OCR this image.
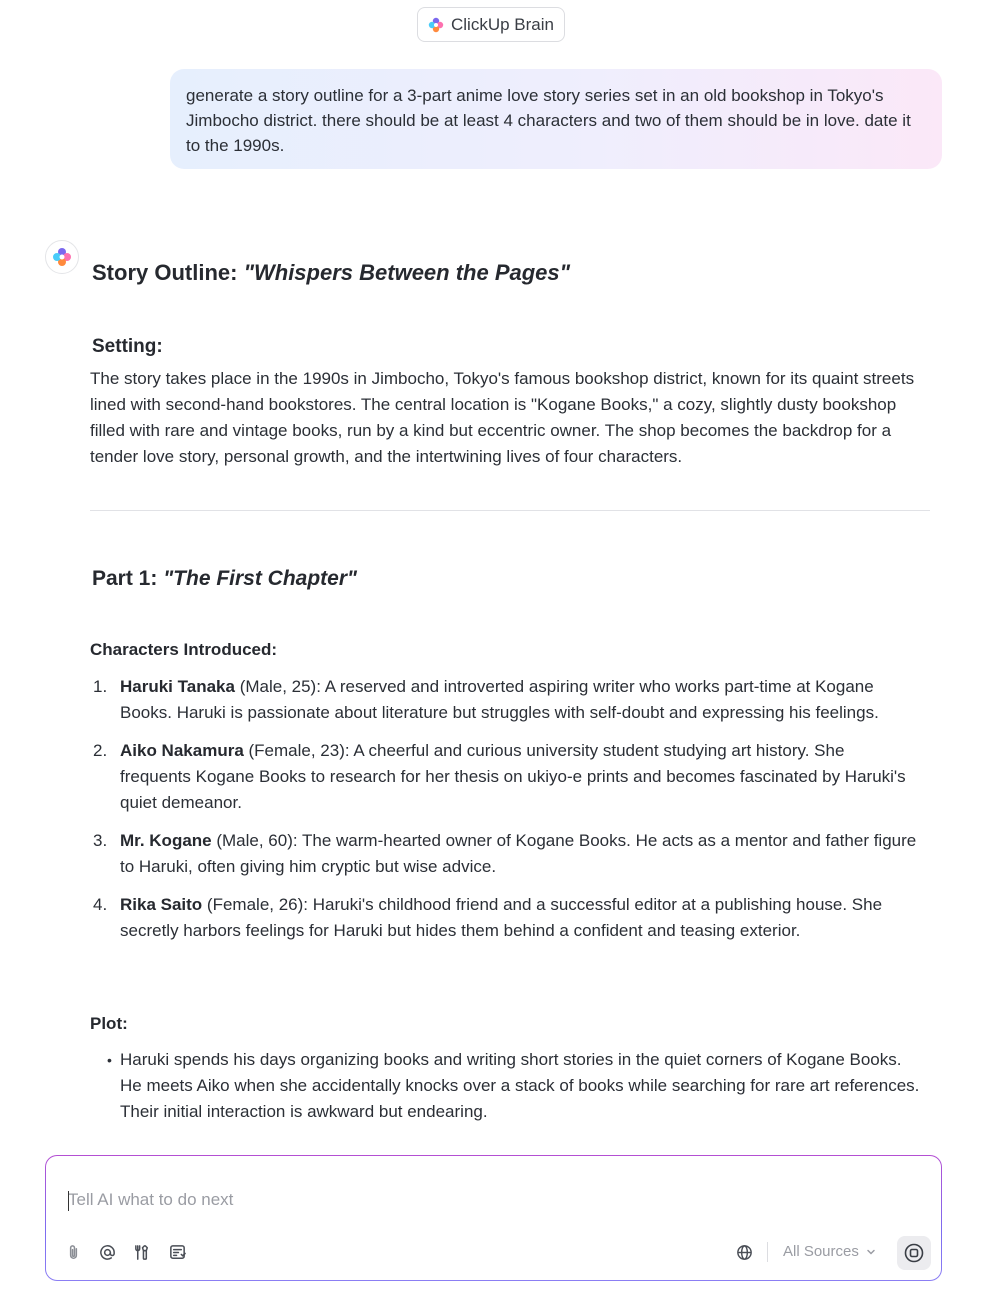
ClickUp Brain
generate a story outline for a 3-part anime love story series set in an old bookshop in Tokyo's Jimbocho district. there should be at least 4 characters and two of them should be in love. date it to the 1990s.
Story Outline: "Whispers Between the Pages"
Setting:
The story takes place in the 1990s in Jimbocho, Tokyo's famous bookshop district, known for its quaint streets lined with second-hand bookstores. The central location is "Kogane Books," a cozy, slightly dusty bookshop filled with rare and vintage books, run by a kind but eccentric owner. The shop becomes the backdrop for a tender love story, personal growth, and the intertwining lives of four characters.
Part 1: "The First Chapter"
Characters Introduced:
1. Haruki Tanaka (Male, 25): A reserved and introverted aspiring writer who works part-time at Kogane Books. Haruki is passionate about literature but struggles with self-doubt and expressing his feelings.
2. Aiko Nakamura (Female, 23): A cheerful and curious university student studying art history. She frequents Kogane Books to research for her thesis on ukiyo-e prints and becomes fascinated by Haruki's quiet demeanor.
3. Mr. Kogane (Male, 60): The warm-hearted owner of Kogane Books. He acts as a mentor and father figure to Haruki, often giving him cryptic but wise advice.
4. Rika Saito (Female, 26): Haruki's childhood friend and a successful editor at a publishing house. She secretly harbors feelings for Haruki but hides them behind a confident and teasing exterior.
Plot:
• Haruki spends his days organizing books and writing short stories in the quiet corners of Kogane Books. He meets Aiko when she accidentally knocks over a stack of books while searching for rare art references. Their initial interaction is awkward but endearing.
Tell AI what to do next
All Sources
